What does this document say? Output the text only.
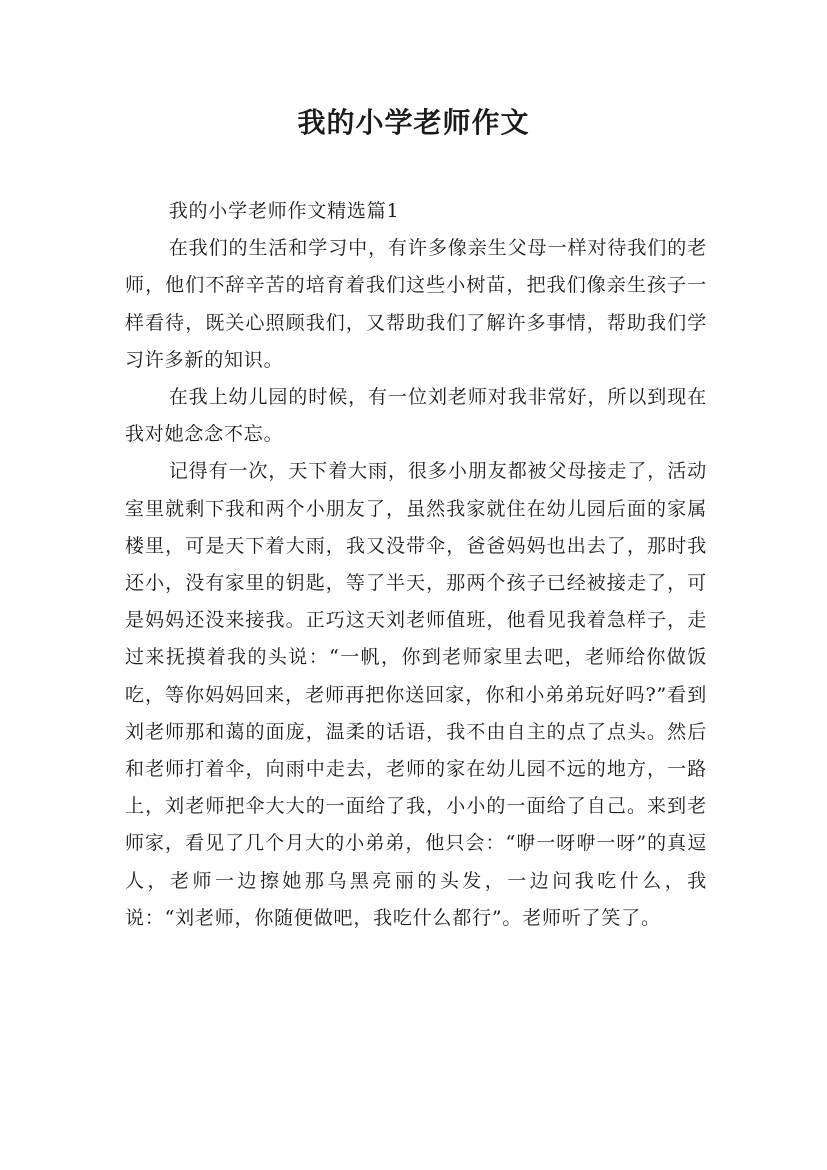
我的小学老师作文

我的小学老师作文精选篇1

在我们的生活和学习中，有许多像亲生父母一样对待我们的老师，他们不辞辛苦的培育着我们这些小树苗，把我们像亲生孩子一样看待，既关心照顾我们，又帮助我们了解许多事情，帮助我们学习许多新的知识。

在我上幼儿园的时候，有一位刘老师对我非常好，所以到现在我对她念念不忘。

记得有一次，天下着大雨，很多小朋友都被父母接走了，活动室里就剩下我和两个小朋友了，虽然我家就住在幼儿园后面的家属楼里，可是天下着大雨，我又没带伞，爸爸妈妈也出去了，那时我还小，没有家里的钥匙，等了半天，那两个孩子已经被接走了，可是妈妈还没来接我。正巧这天刘老师值班，他看见我着急样子，走过来抚摸着我的头说：“一帆，你到老师家里去吧，老师给你做饭吃，等你妈妈回来，老师再把你送回家，你和小弟弟玩好吗?”看到刘老师那和蔼的面庞，温柔的话语，我不由自主的点了点头。然后和老师打着伞，向雨中走去，老师的家在幼儿园不远的地方，一路上，刘老师把伞大大的一面给了我，小小的一面给了自己。来到老师家，看见了几个月大的小弟弟，他只会：“咿一呀咿一呀”的真逗人，老师一边擦她那乌黑亮丽的头发，一边问我吃什么，我说：“刘老师，你随便做吧，我吃什么都行”。老师听了笑了。
